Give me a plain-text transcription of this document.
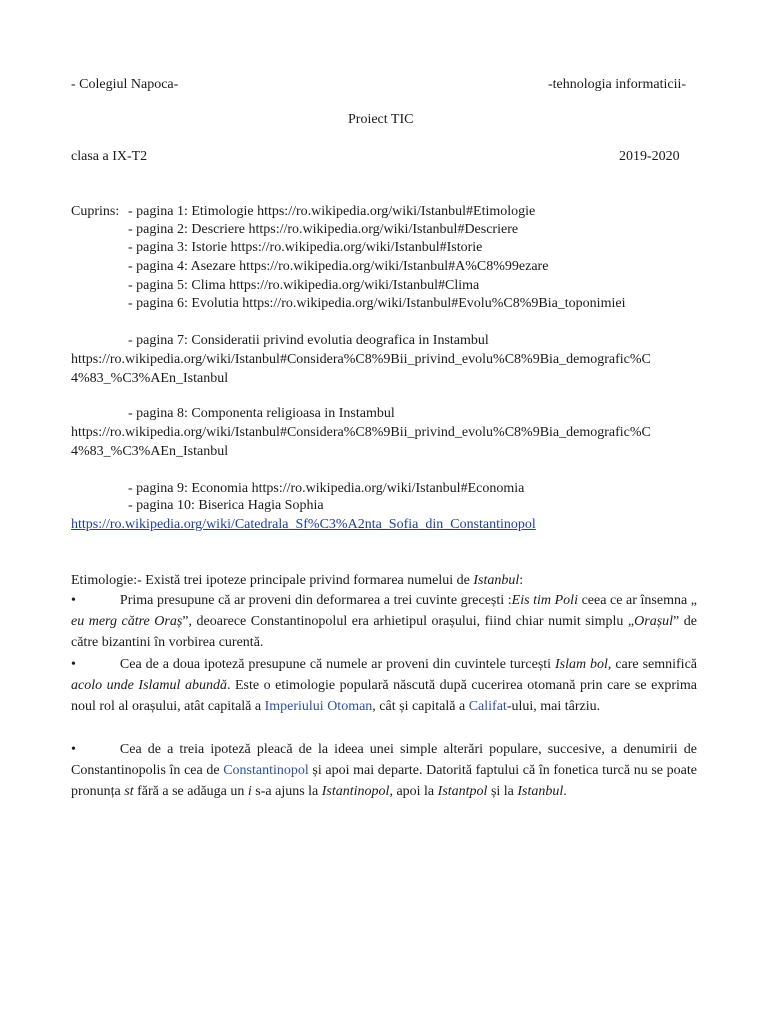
- Colegiul Napoca-	-tehnologia informaticii-
Proiect TIC
clasa a IX-T2	2019-2020
Cuprins: - pagina 1: Etimologie https://ro.wikipedia.org/wiki/Istanbul#Etimologie
- pagina 2: Descriere https://ro.wikipedia.org/wiki/Istanbul#Descriere
- pagina 3: Istorie https://ro.wikipedia.org/wiki/Istanbul#Istorie
- pagina 4: Asezare https://ro.wikipedia.org/wiki/Istanbul#A%C8%99ezare
- pagina 5: Clima https://ro.wikipedia.org/wiki/Istanbul#Clima
- pagina 6: Evolutia https://ro.wikipedia.org/wiki/Istanbul#Evolu%C8%9Bia_toponimiei
- pagina 7: Consideratii privind evolutia deografica in Instambul
https://ro.wikipedia.org/wiki/Istanbul#Considera%C8%9Bii_privind_evolu%C8%9Bia_demografic%C
4%83_%C3%AEn_Istanbul
- pagina 8: Componenta religioasa in Instambul
https://ro.wikipedia.org/wiki/Istanbul#Considera%C8%9Bii_privind_evolu%C8%9Bia_demografic%C
4%83_%C3%AEn_Istanbul
- pagina 9: Economia https://ro.wikipedia.org/wiki/Istanbul#Economia
- pagina 10: Biserica Hagia Sophia
https://ro.wikipedia.org/wiki/Catedrala_Sf%C3%A2nta_Sofia_din_Constantinopol
Etimologie:- Există trei ipoteze principale privind formarea numelui de Istanbul:
•	Prima presupune că ar proveni din deformarea a trei cuvinte grecești :Eis tim Poli ceea ce ar însemna „ eu merg către Oraș”, deoarece Constantinopolul era arhietipul orașului, fiind chiar numit simplu „Orașul” de către bizantini în vorbirea curentă.
•	Cea de a doua ipoteză presupune că numele ar proveni din cuvintele turcești Islam bol, care semnifică acolo unde Islamul abundă. Este o etimologie populară născută după cucerirea otomană prin care se exprima noul rol al orașului, atât capitală a Imperiului Otoman, cât și capitală a Califat-ului, mai târziu.
•	Cea de a treia ipoteză pleacă de la ideea unei simple alterări populare, succesive, a denumirii de Constantinopolis în cea de Constantinopol și apoi mai departe. Datorită faptului că în fonetica turcă nu se poate pronunța st fără a se adăuga un i s-a ajuns la Istantinopol, apoi la Istantpol și la Istanbul.
